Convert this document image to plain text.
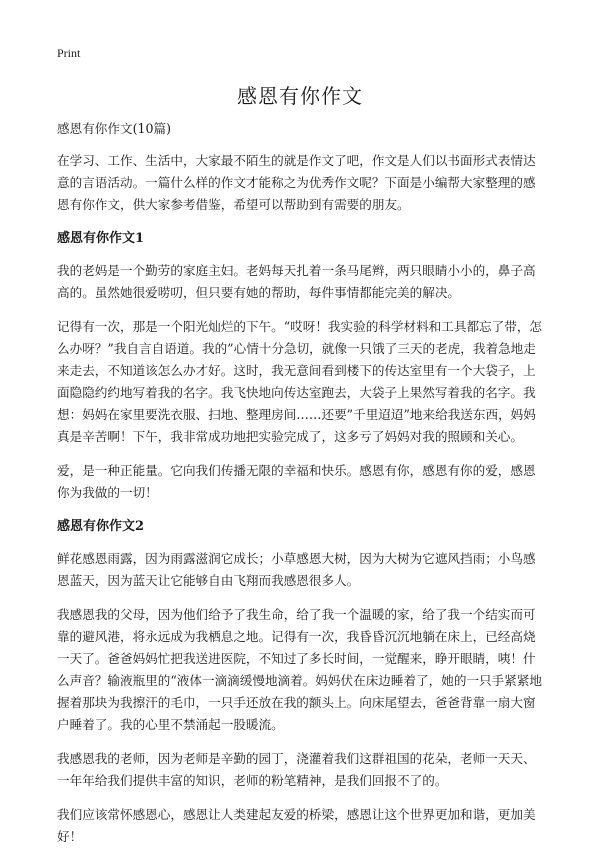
Print
感恩有你作文

感恩有你作文(10篇)

在学习、工作、生活中，大家最不陌生的就是作文了吧，作文是人们以书面形式表情达意的言语活动。一篇什么样的作文才能称之为优秀作文呢？下面是小编帮大家整理的感恩有你作文，供大家参考借鉴，希望可以帮助到有需要的朋友。

感恩有你作文1

我的老妈是一个勤劳的家庭主妇。老妈每天扎着一条马尾辫，两只眼睛小小的，鼻子高高的。虽然她很爱唠叨，但只要有她的帮助，每件事情都能完美的解决。

记得有一次，那是一个阳光灿烂的下午。“哎呀！我实验的科学材料和工具都忘了带，怎么办呀？”我自言自语道。我的”心情十分急切，就像一只饿了三天的老虎，我着急地走来走去，不知道该怎么办才好。这时，我无意间看到楼下的传达室里有一个大袋子，上面隐隐约约地写着我的名字。我飞快地向传达室跑去，大袋子上果然写着我的名字。我想：妈妈在家里要洗衣服、扫地、整理房间……还要”千里迢迢”地来给我送东西，妈妈真是辛苦啊！下午，我非常成功地把实验完成了，这多亏了妈妈对我的照顾和关心。

爱，是一种正能量。它向我们传播无限的幸福和快乐。感恩有你，感恩有你的爱，感恩你为我做的一切！

感恩有你作文2

鲜花感恩雨露，因为雨露滋润它成长；小草感恩大树，因为大树为它遮风挡雨；小鸟感恩蓝天，因为蓝天让它能够自由飞翔而我感恩很多人。

我感恩我的父母，因为他们给予了我生命，给了我一个温暖的家，给了我一个结实而可靠的避风港，将永远成为我栖息之地。记得有一次，我昏昏沉沉地躺在床上，已经高烧一天了。爸爸妈妈忙把我送进医院，不知过了多长时间，一觉醒来，睁开眼睛，咦！什么声音？输液瓶里的“液体一滴滴缓慢地滴着。妈妈伏在床边睡着了，她的一只手紧紧地握着那块为我擦汗的毛巾，一只手还放在我的额头上。向床尾望去，爸爸背靠一扇大窗户睡着了。我的心里不禁涌起一股暖流。

我感恩我的老师，因为老师是辛勤的园丁，浇灌着我们这群祖国的花朵，老师一天天、一年年给我们提供丰富的知识，老师的粉笔精神，是我们回报不了的。

我们应该常怀感恩心，感恩让人类建起友爱的桥梁，感恩让这个世界更加和谐，更加美好！
